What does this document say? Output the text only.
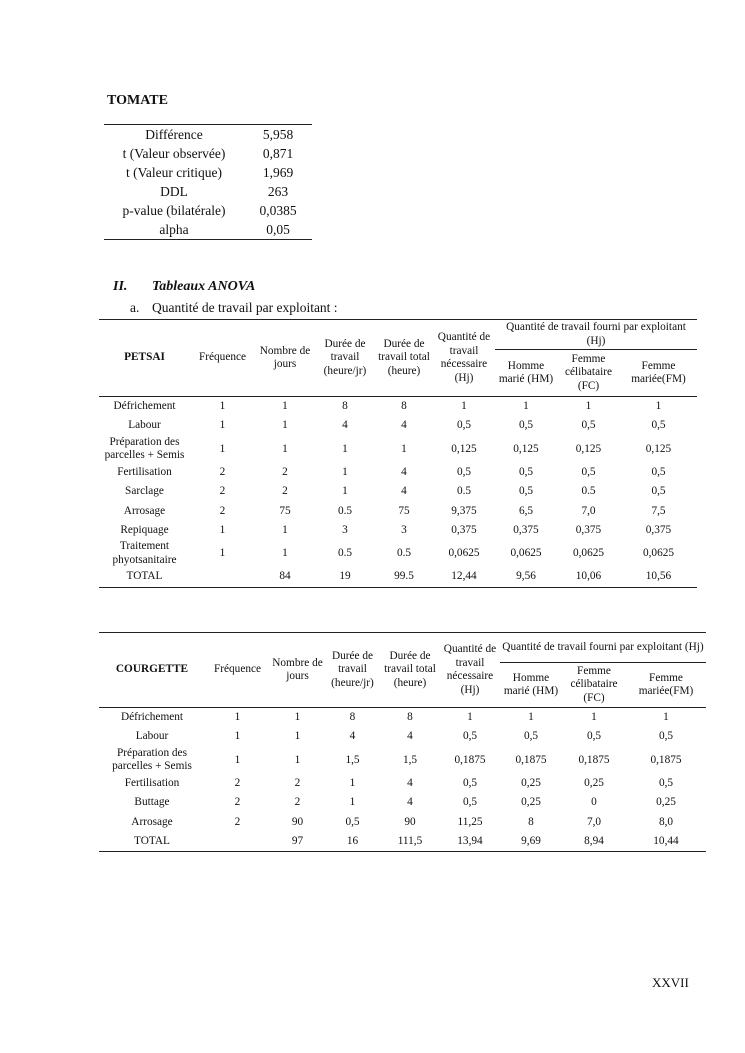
TOMATE
Différence	5,958
t (Valeur observée)	0,871
t (Valeur critique)	1,969
DDL	263
p-value (bilatérale)	0,0385
alpha	0,05
II. Tableaux ANOVA
a. Quantité de travail par exploitant :
PETSAI	Fréquence	Nombre de jours	Durée de travail (heure/jr)	Durée de travail total (heure)	Quantité de travail nécessaire (Hj)	Quantité de travail fourni par exploitant (Hj)		
						Homme marié (HM)	Femme célibataire (FC)	Femme mariée(FM)
Défrichement	1	1	8	8	1	1	1	1
Labour	1	1	4	4	0,5	0,5	0,5	0,5
Préparation des parcelles + Semis	1	1	1	1	0,125	0,125	0,125	0,125
Fertilisation	2	2	1	4	0,5	0,5	0,5	0,5
Sarclage	2	2	1	4	0.5	0,5	0.5	0,5
Arrosage	2	75	0.5	75	9,375	6,5	7,0	7,5
Repiquage	1	1	3	3	0,375	0,375	0,375	0,375
Traitement phyotsanitaire	1	1	0.5	0.5	0,0625	0,0625	0,0625	0,0625
TOTAL		84	19	99.5	12,44	9,56	10,06	10,56
COURGETTE	Fréquence	Nombre de jours	Durée de travail (heure/jr)	Durée de travail total (heure)	Quantité de travail nécessaire (Hj)	Quantité de travail fourni par exploitant (Hj)		
						Homme marié (HM)	Femme célibataire (FC)	Femme mariée(FM)
Défrichement	1	1	8	8	1	1	1	1
Labour	1	1	4	4	0,5	0,5	0,5	0,5
Préparation des parcelles + Semis	1	1	1,5	1,5	0,1875	0,1875	0,1875	0,1875
Fertilisation	2	2	1	4	0,5	0,25	0,25	0,5
Buttage	2	2	1	4	0,5	0,25	0	0,25
Arrosage	2	90	0,5	90	11,25	8	7,0	8,0
TOTAL		97	16	111,5	13,94	9,69	8,94	10,44
XXVII
